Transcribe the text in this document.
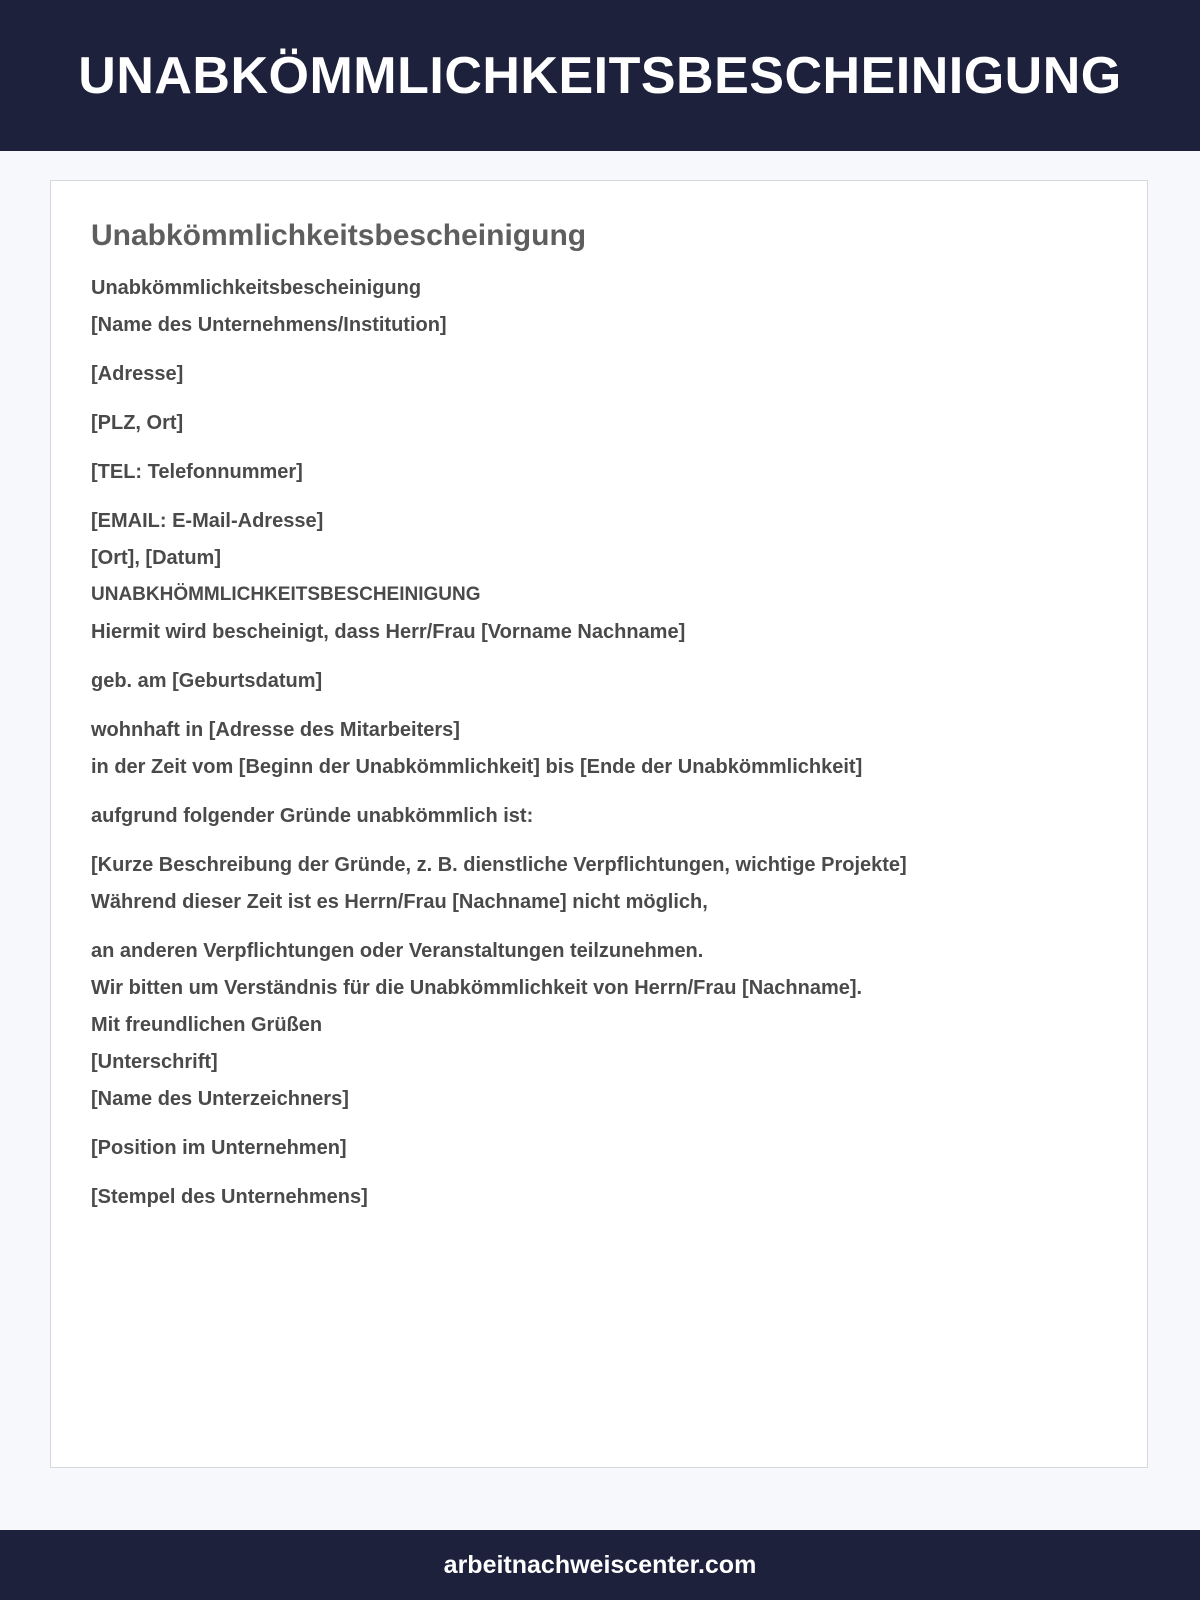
UNABKÖMMLICHKEITSBESCHEINIGUNG
Unabkömmlichkeitsbescheinigung

Unabkömmlichkeitsbescheinigung

[Name des Unternehmens/Institution]

[Adresse]

[PLZ, Ort]

[TEL: Telefonnummer]

[EMAIL: E-Mail-Adresse]

[Ort], [Datum]

UNABKHÖMMLICHKEITSBESCHEINIGUNG

Hiermit wird bescheinigt, dass Herr/Frau [Vorname Nachname]

geb. am [Geburtsdatum]

wohnhaft in [Adresse des Mitarbeiters]

in der Zeit vom [Beginn der Unabkömmlichkeit] bis [Ende der Unabkömmlichkeit]

aufgrund folgender Gründe unabkömmlich ist:

[Kurze Beschreibung der Gründe, z. B. dienstliche Verpflichtungen, wichtige Projekte]

Während dieser Zeit ist es Herrn/Frau [Nachname] nicht möglich,

an anderen Verpflichtungen oder Veranstaltungen teilzunehmen.

Wir bitten um Verständnis für die Unabkömmlichkeit von Herrn/Frau [Nachname].

Mit freundlichen Grüßen

[Unterschrift]

[Name des Unterzeichners]

[Position im Unternehmen]

[Stempel des Unternehmens]

arbeitnachweiscenter.com
